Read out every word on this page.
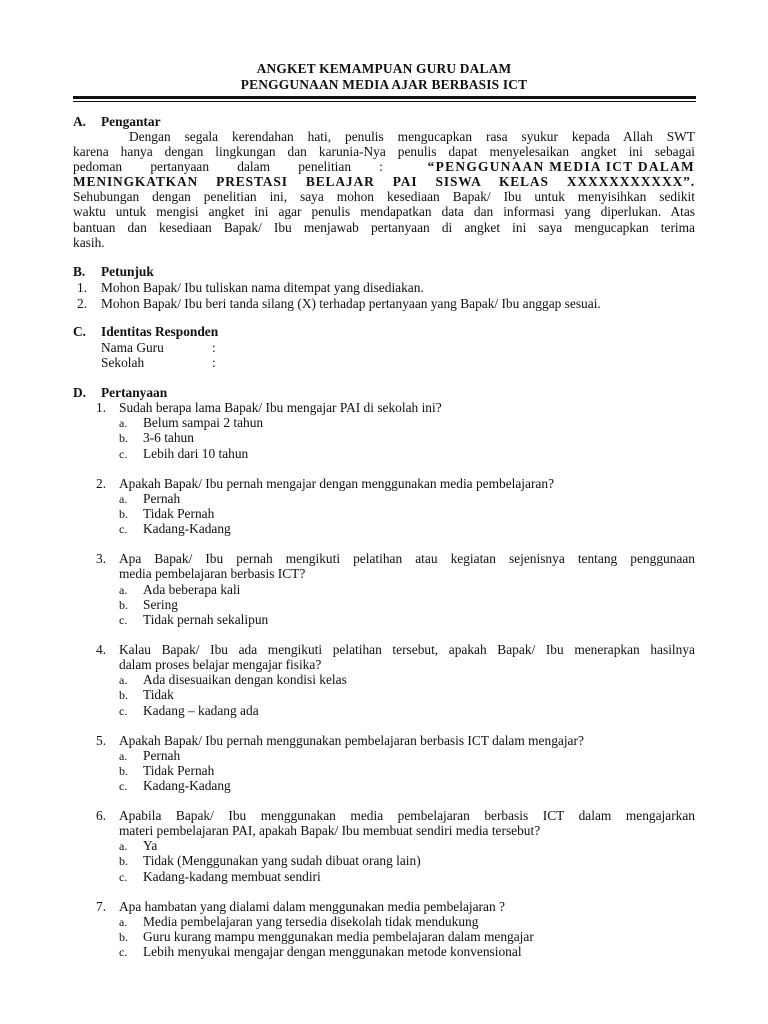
ANGKET KEMAMPUAN GURU DALAM
PENGGUNAAN MEDIA AJAR BERBASIS ICT
A. Pengantar
Dengan segala kerendahan hati, penulis mengucapkan rasa syukur kepada Allah SWT
karena hanya dengan lingkungan dan karunia-Nya penulis dapat menyelesaikan angket ini sebagai
pedoman pertanyaan dalam penelitian :	“PENGGUNAAN MEDIA ICT DALAM
MENINGKATKAN PRESTASI BELAJAR PAI SISWA KELAS XXXXXXXXXXX”.
Sehubungan dengan penelitian ini, saya mohon kesediaan Bapak/ Ibu untuk menyisihkan sedikit
waktu untuk mengisi angket ini agar penulis mendapatkan data dan informasi yang diperlukan. Atas
bantuan dan kesediaan Bapak/ Ibu menjawab pertanyaan di angket ini saya mengucapkan terima
kasih.
B. Petunjuk
1. Mohon Bapak/ Ibu tuliskan nama ditempat yang disediakan.
2. Mohon Bapak/ Ibu beri tanda silang (X) terhadap pertanyaan yang Bapak/ Ibu anggap sesuai.
C. Identitas Responden
Nama Guru	:
Sekolah	:
D. Pertanyaan
1. Sudah berapa lama Bapak/ Ibu mengajar PAI di sekolah ini?
a. Belum sampai 2 tahun
b. 3-6 tahun
c. Lebih dari 10 tahun
2. Apakah Bapak/ Ibu pernah mengajar dengan menggunakan media pembelajaran?
a. Pernah
b. Tidak Pernah
c. Kadang-Kadang
3. Apa Bapak/ Ibu pernah mengikuti pelatihan atau kegiatan sejenisnya tentang penggunaan
media pembelajaran berbasis ICT?
a. Ada beberapa kali
b. Sering
c. Tidak pernah sekalipun
4. Kalau Bapak/ Ibu ada mengikuti pelatihan tersebut, apakah Bapak/ Ibu menerapkan hasilnya
dalam proses belajar mengajar fisika?
a. Ada disesuaikan dengan kondisi kelas
b. Tidak
c. Kadang – kadang ada
5. Apakah Bapak/ Ibu pernah menggunakan pembelajaran berbasis ICT dalam mengajar?
a. Pernah
b. Tidak Pernah
c. Kadang-Kadang
6. Apabila Bapak/ Ibu menggunakan media pembelajaran berbasis ICT dalam mengajarkan
materi pembelajaran PAI, apakah Bapak/ Ibu membuat sendiri media tersebut?
a. Ya
b. Tidak (Menggunakan yang sudah dibuat orang lain)
c. Kadang-kadang membuat sendiri
7. Apa hambatan yang dialami dalam menggunakan media pembelajaran ?
a. Media pembelajaran yang tersedia disekolah tidak mendukung
b. Guru kurang mampu menggunakan media pembelajaran dalam mengajar
c. Lebih menyukai mengajar dengan menggunakan metode konvensional
